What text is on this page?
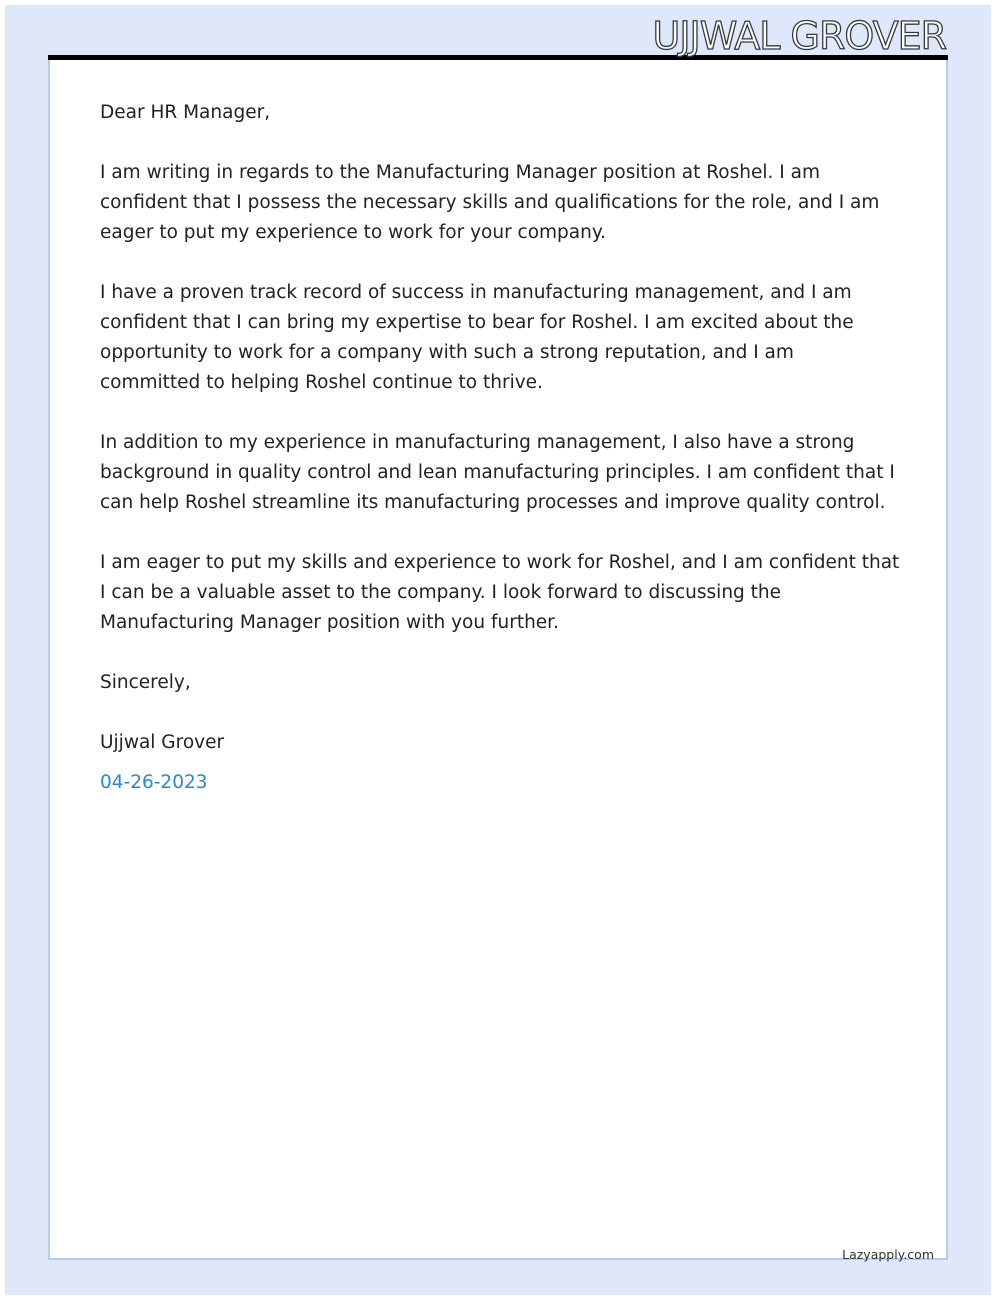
UJJWAL GROVER

Dear HR Manager,

I am writing in regards to the Manufacturing Manager position at Roshel. I am confident that I possess the necessary skills and qualifications for the role, and I am eager to put my experience to work for your company.

I have a proven track record of success in manufacturing management, and I am confident that I can bring my expertise to bear for Roshel. I am excited about the opportunity to work for a company with such a strong reputation, and I am committed to helping Roshel continue to thrive.

In addition to my experience in manufacturing management, I also have a strong background in quality control and lean manufacturing principles. I am confident that I can help Roshel streamline its manufacturing processes and improve quality control.

I am eager to put my skills and experience to work for Roshel, and I am confident that I can be a valuable asset to the company. I look forward to discussing the Manufacturing Manager position with you further.

Sincerely,

Ujjwal Grover

04-26-2023

Lazyapply.com
